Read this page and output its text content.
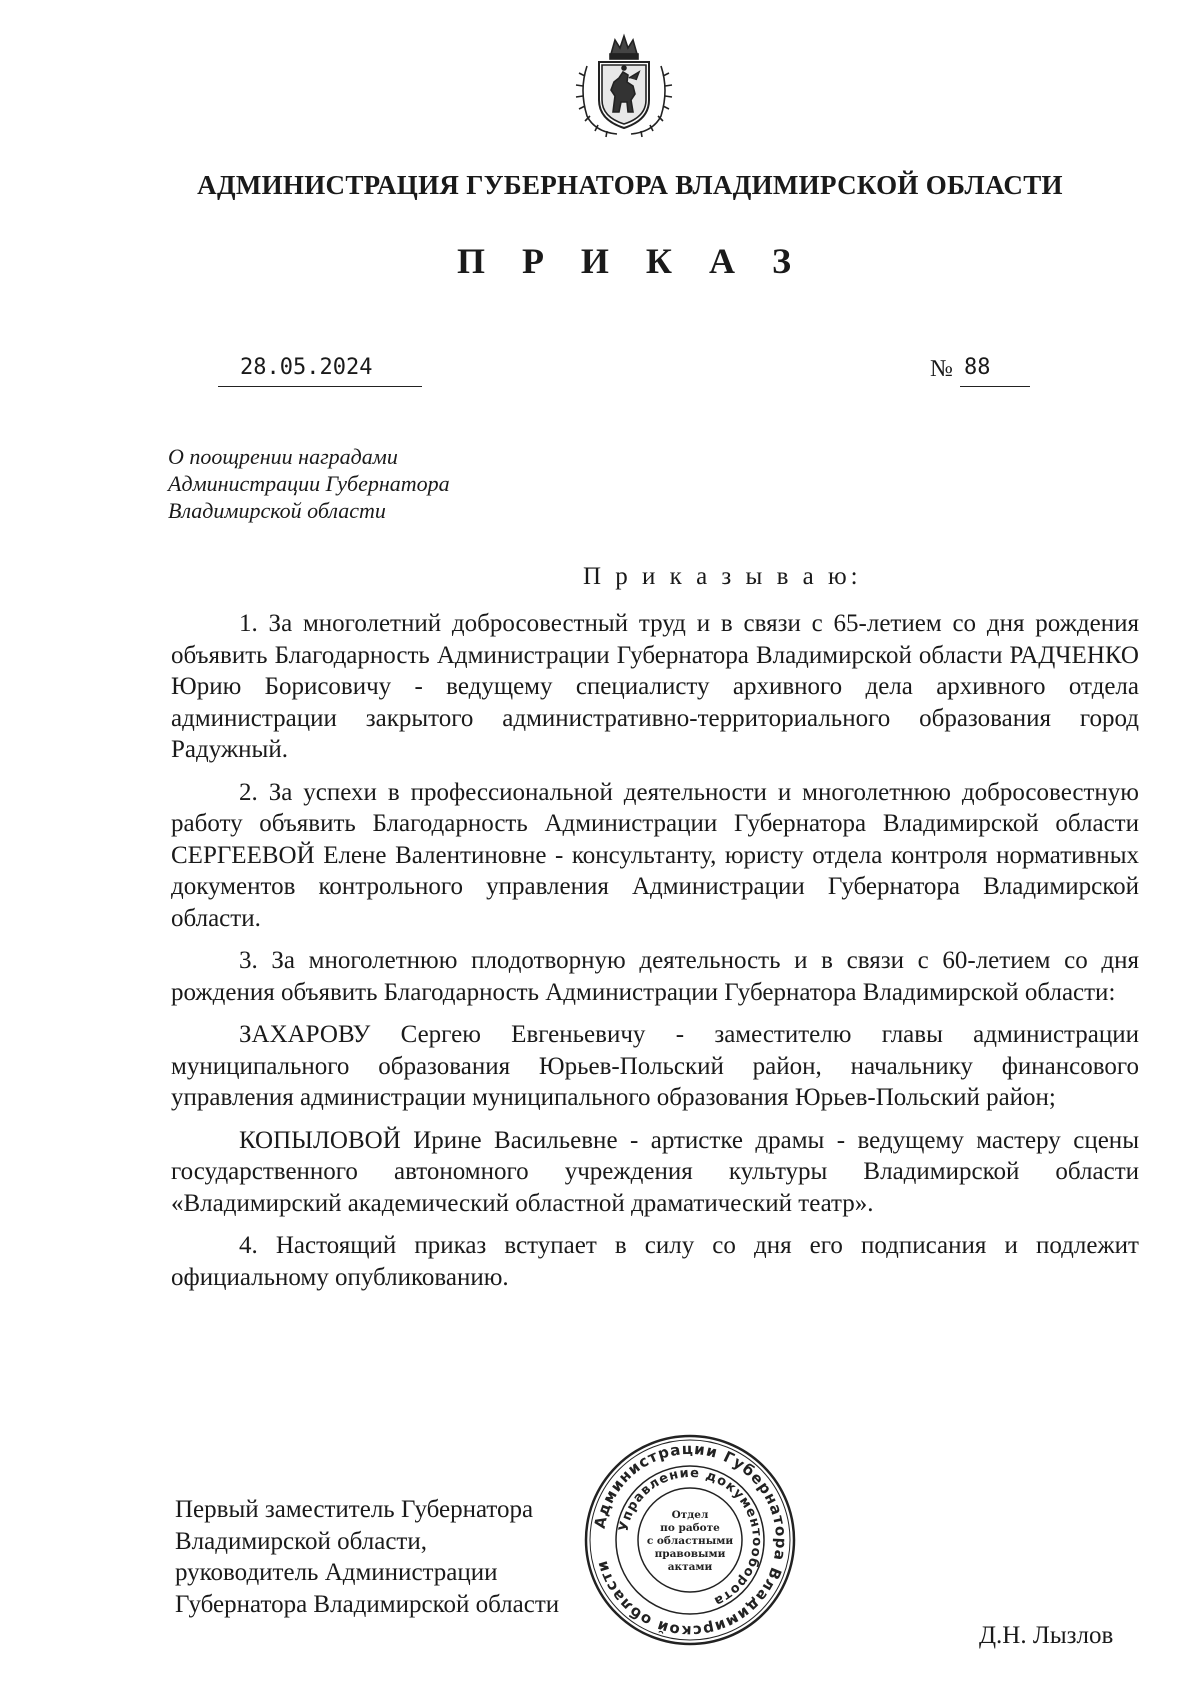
АДМИНИСТРАЦИЯ ГУБЕРНАТОРА ВЛАДИМИРСКОЙ ОБЛАСТИ
П Р И К А З
28.05.2024	№ 88
О поощрении наградами
Администрации Губернатора
Владимирской области
П р и к а з ы в а ю:

1. За многолетний добросовестный труд и в связи с 65-летием со дня рождения объявить Благодарность Администрации Губернатора Владимирской области РАДЧЕНКО Юрию Борисовичу - ведущему специалисту архивного дела архивного отдела администрации закрытого административно-территориального образования город Радужный.

2. За успехи в профессиональной деятельности и многолетнюю добросовестную работу объявить Благодарность Администрации Губернатора Владимирской области СЕРГЕЕВОЙ Елене Валентиновне - консультанту, юристу отдела контроля нормативных документов контрольного управления Администрации Губернатора Владимирской области.

3. За многолетнюю плодотворную деятельность и в связи с 60-летием со дня рождения объявить Благодарность Администрации Губернатора Владимирской области:

ЗАХАРОВУ Сергею Евгеньевичу - заместителю главы администрации муниципального образования Юрьев-Польский район, начальнику финансового управления администрации муниципального образования Юрьев-Польский район;

КОПЫЛОВОЙ Ирине Васильевне - артистке драмы - ведущему мастеру сцены государственного автономного учреждения культуры Владимирской области «Владимирский академический областной драматический театр».

4. Настоящий приказ вступает в силу со дня его подписания и подлежит официальному опубликованию.

Первый заместитель Губернатора
Владимирской области,
руководитель Администрации
Губернатора Владимирской области
Д.Н. Лызлов
Администрации Губернатора Владимирской области
Управление документооборота
Отдел
по работе
с областными
правовыми
актами
